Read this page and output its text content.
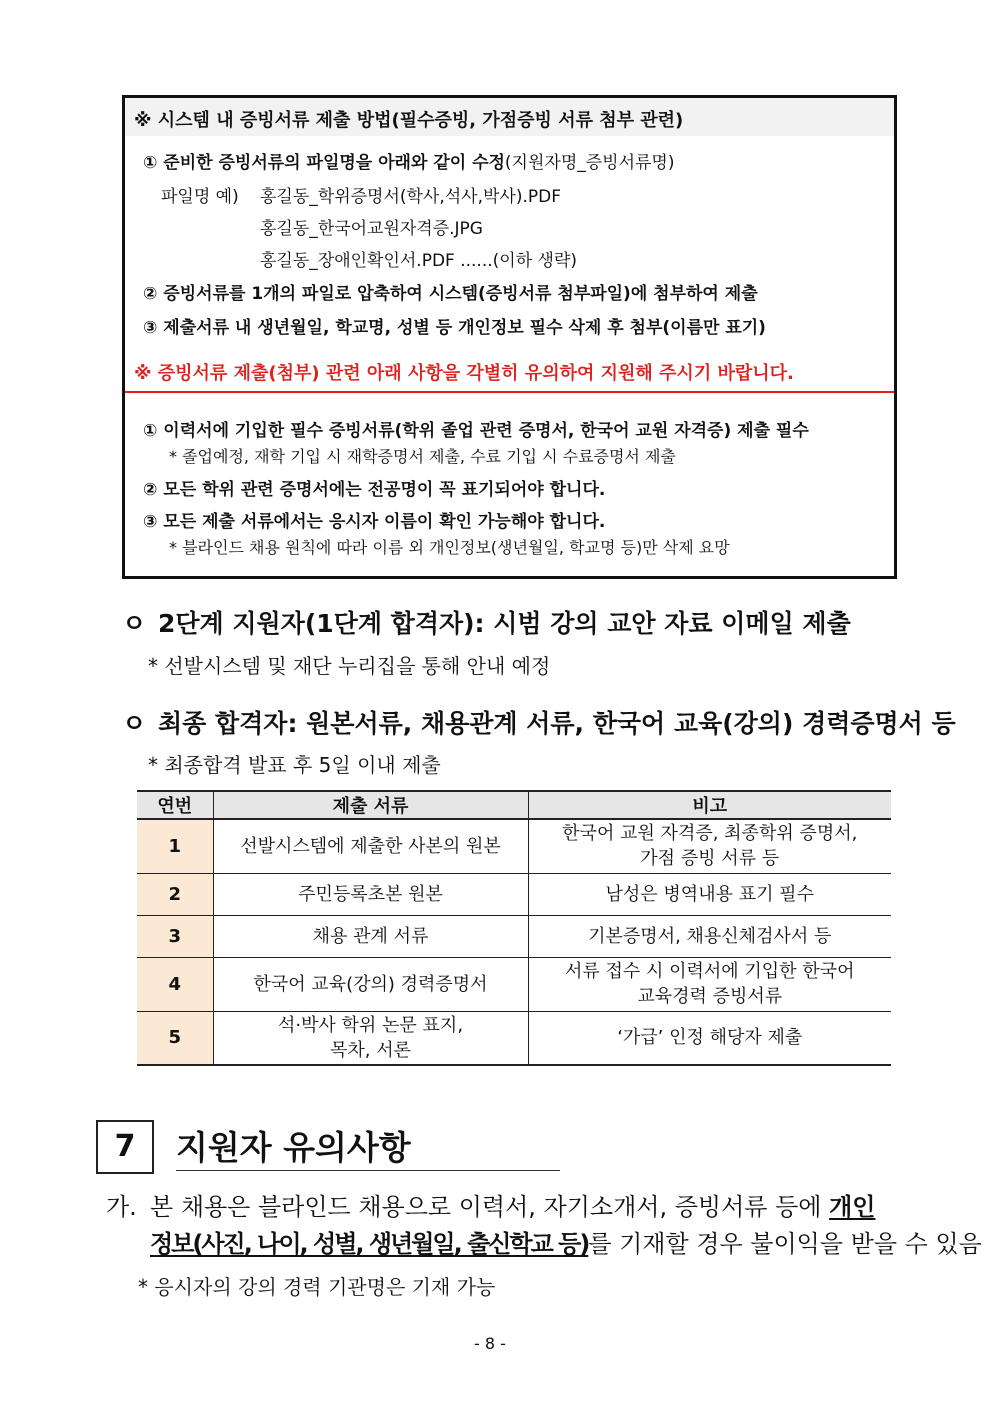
※ 시스템 내 증빙서류 제출 방법(필수증빙, 가점증빙 서류 첨부 관련)
① 준비한 증빙서류의 파일명을 아래와 같이 수정(지원자명_증빙서류명)
파일명 예) 홍길동_학위증명서(학사,석사,박사).PDF
홍길동_한국어교원자격증.JPG
홍길동_장애인확인서.PDF ......(이하 생략)
② 증빙서류를 1개의 파일로 압축하여 시스템(증빙서류 첨부파일)에 첨부하여 제출
③ 제출서류 내 생년월일, 학교명, 성별 등 개인정보 필수 삭제 후 첨부(이름만 표기)
※ 증빙서류 제출(첨부) 관련 아래 사항을 각별히 유의하여 지원해 주시기 바랍니다.
① 이력서에 기입한 필수 증빙서류(학위 졸업 관련 증명서, 한국어 교원 자격증) 제출 필수
* 졸업예정, 재학 기입 시 재학증명서 제출, 수료 기입 시 수료증명서 제출
② 모든 학위 관련 증명서에는 전공명이 꼭 표기되어야 합니다.
③ 모든 제출 서류에서는 응시자 이름이 확인 가능해야 합니다.
* 블라인드 채용 원칙에 따라 이름 외 개인정보(생년월일, 학교명 등)만 삭제 요망
ㅇ 2단계 지원자(1단계 합격자): 시범 강의 교안 자료 이메일 제출
* 선발시스템 및 재단 누리집을 통해 안내 예정
ㅇ 최종 합격자: 원본서류, 채용관계 서류, 한국어 교육(강의) 경력증명서 등
* 최종합격 발표 후 5일 이내 제출
연번	제출 서류	비고
1	선발시스템에 제출한 사본의 원본	한국어 교원 자격증, 최종학위 증명서,
가점 증빙 서류 등

2	주민등록초본 원본	남성은 병역내용 표기 필수
3	채용 관계 서류	기본증명서, 채용신체검사서 등
4	한국어 교육(강의) 경력증명서	서류 접수 시 이력서에 기입한 한국어
교육경력 증빙서류

5	석·박사 학위 논문 표지,
목차, 서론	‘가급’ 인정 해당자 제출
7	지원자 유의사항
가. 본 채용은 블라인드 채용으로 이력서, 자기소개서, 증빙서류 등에 개인
정보(사진, 나이, 성별, 생년월일, 출신학교 등)를 기재할 경우 불이익을 받을 수 있음
* 응시자의 강의 경력 기관명은 기재 가능
- 8 -
